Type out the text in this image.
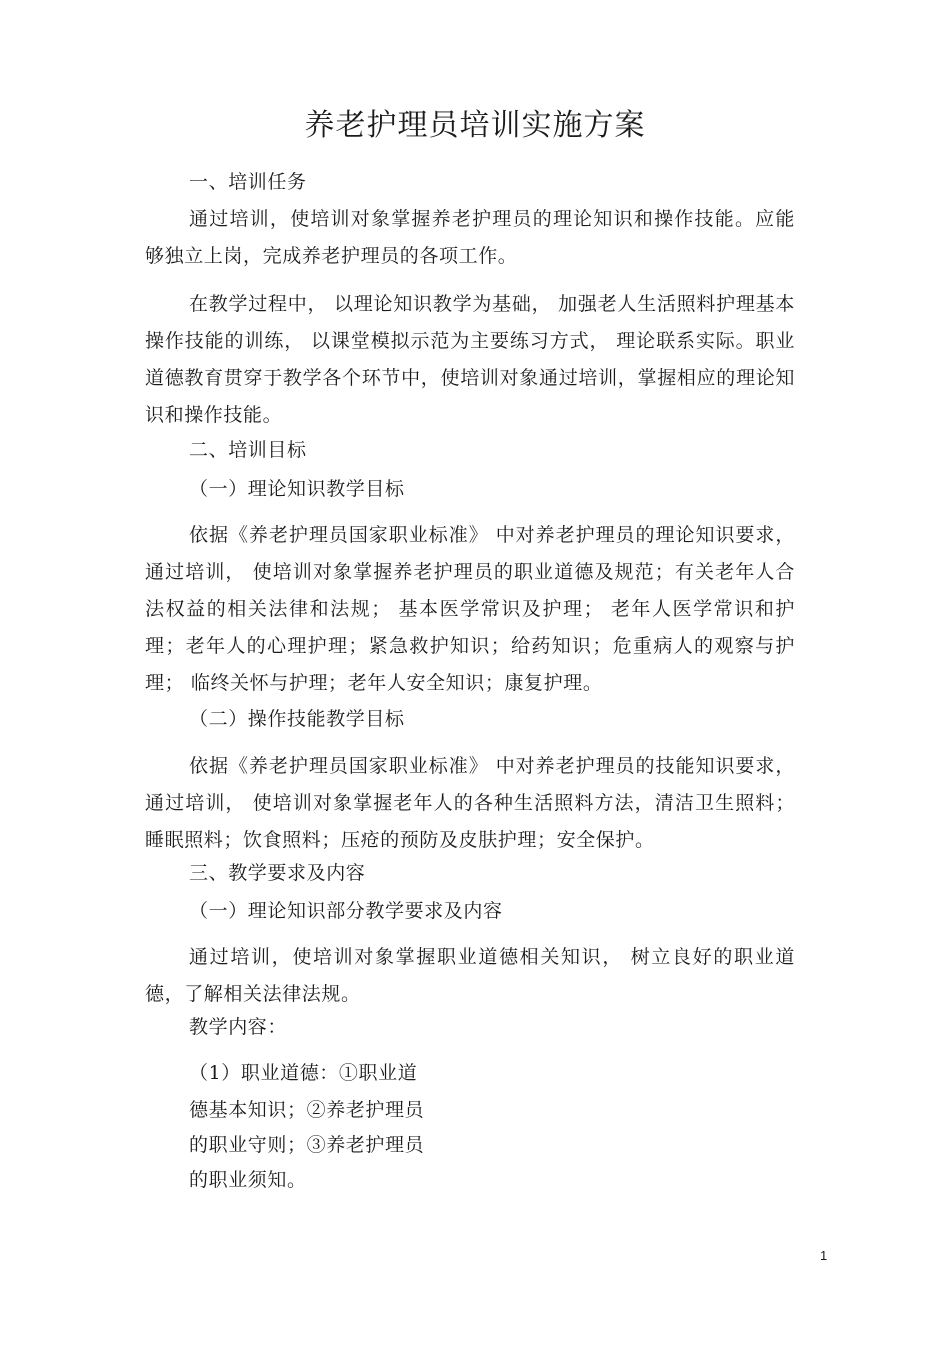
养老护理员培训实施方案
一、培训任务
通过培训，使培训对象掌握养老护理员的理论知识和操作技能。应能够独立上岗，完成养老护理员的各项工作。
在教学过程中， 以理论知识教学为基础， 加强老人生活照料护理基本操作技能的训练， 以课堂模拟示范为主要练习方式， 理论联系实际。职业道德教育贯穿于教学各个环节中，使培训对象通过培训，掌握相应的理论知识和操作技能。
二、培训目标
（一）理论知识教学目标
依据《养老护理员国家职业标准》 中对养老护理员的理论知识要求，通过培训， 使培训对象掌握养老护理员的职业道德及规范；有关老年人合法权益的相关法律和法规； 基本医学常识及护理； 老年人医学常识和护理；老年人的心理护理；紧急救护知识；给药知识；危重病人的观察与护理； 临终关怀与护理；老年人安全知识；康复护理。
（二）操作技能教学目标
依据《养老护理员国家职业标准》 中对养老护理员的技能知识要求，通过培训， 使培训对象掌握老年人的各种生活照料方法，清洁卫生照料；睡眠照料；饮食照料；压疮的预防及皮肤护理；安全保护。
三、教学要求及内容
（一）理论知识部分教学要求及内容
通过培训，使培训对象掌握职业道德相关知识， 树立良好的职业道德，了解相关法律法规。
教学内容：
（1）职业道德：①职业道
德基本知识；②养老护理员
的职业守则；③养老护理员
的职业须知。
1
